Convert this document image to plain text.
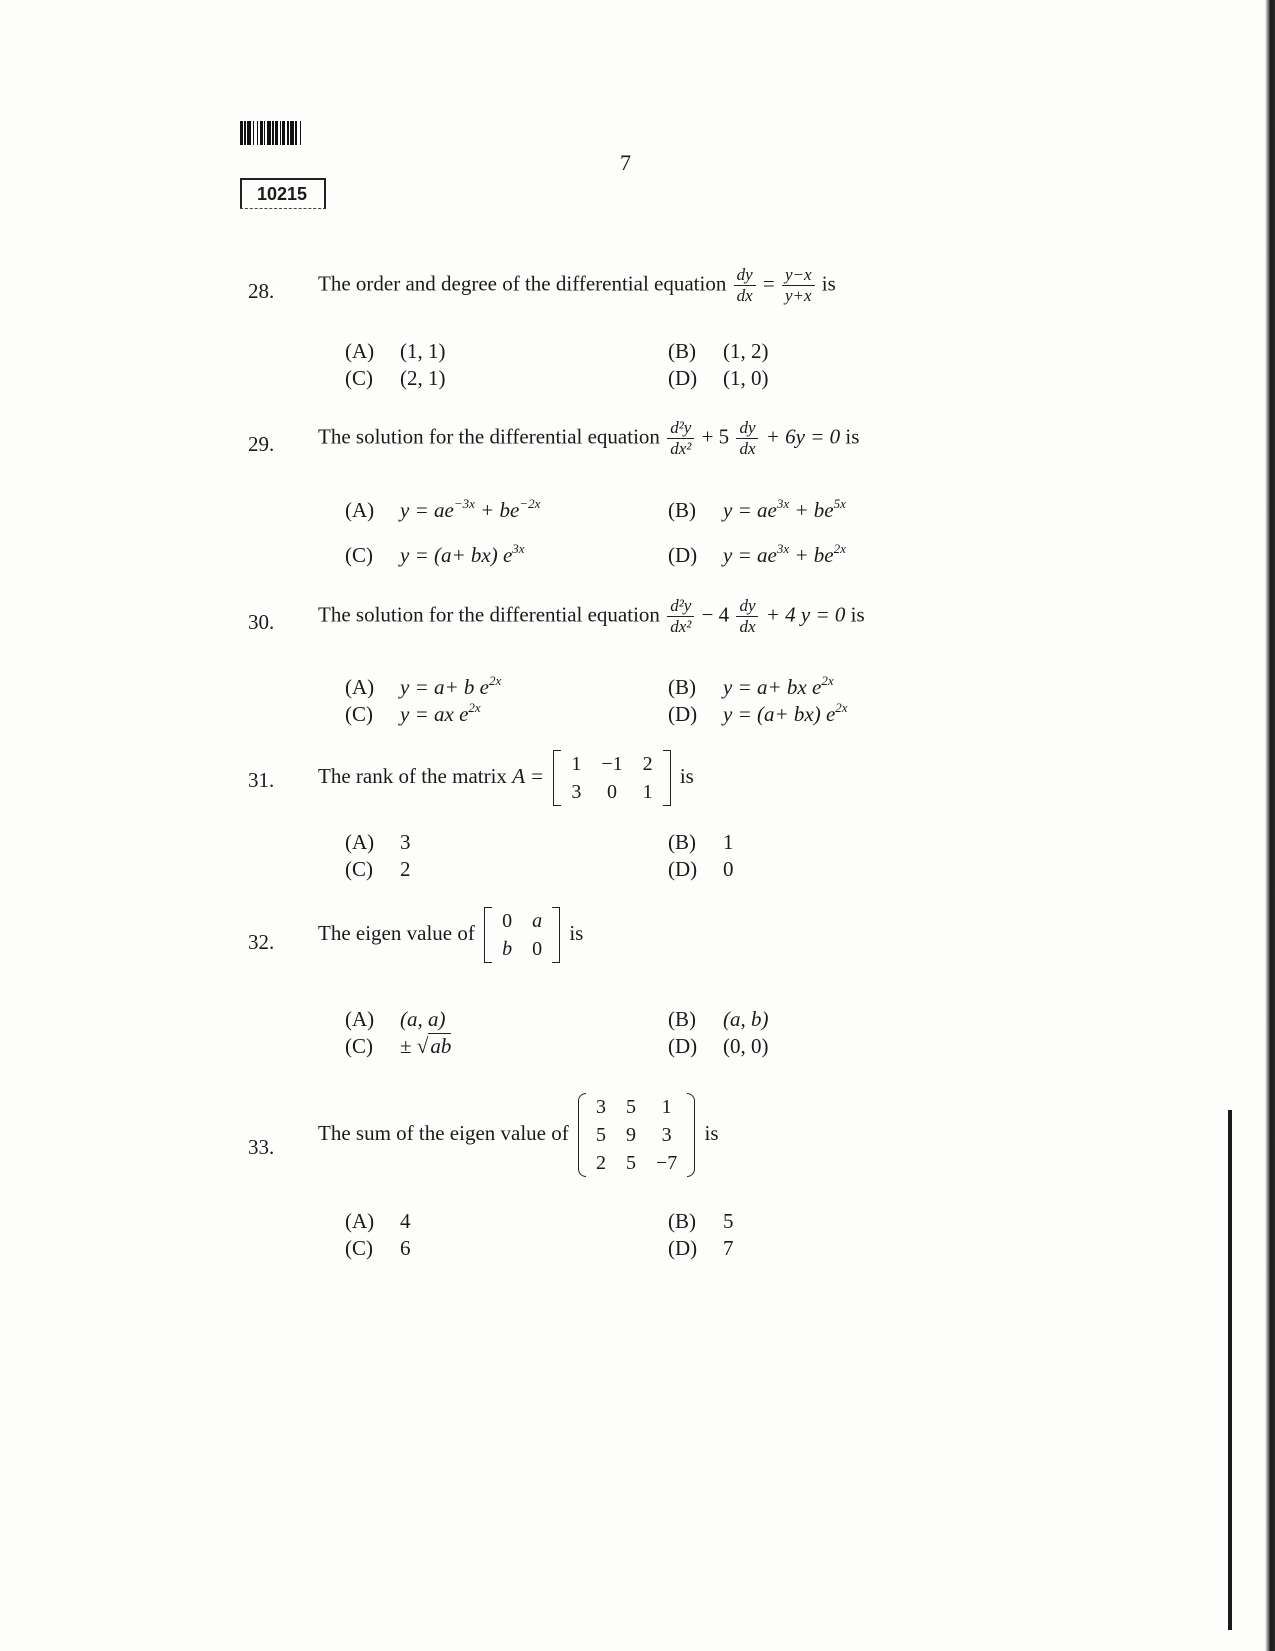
10215
7
28. The order and degree of the differential equation $\frac{dy}{dx} = \frac{y-x}{y+x}$ is
(A) (1, 1)	(B) (1, 2)
(C) (2, 1)	(D) (1, 0)
29. The solution for the differential equation $\frac{\text{d²y}}{\text{dx²}} + 5 \frac{dy}{dx} + 6y = 0$ is
(A) $y = ae^{-3x} + be^{-2x}$	(B) $y = ae^{3x} + be^{5x}$
(C) y = (a+ bx) $e^{3x}$	(D) $y = ae^{3x} + be^{2x}$
30. The solution for the differential equation $\frac{\text{d²y}}{\text{dx²}} - 4 \frac{dy}{dx} + 4$ y = 0 is
(A) y = a+ b $e^{2x}$	(B) y = a+ bx $e^{2x}$
(C) y = ax $e^{2x}$	(D) y = (a+ bx) $e^{2x}$
31. The rank of the matrix A = 1	−1	2
3	0	1
is
(A) 3	(B) 1
(C) 2	(D) 0
32. The eigen value of 0	a
b	0
is
(A) (a, a)	(B) (a, b)
(C) ± √ab	(D) (0, 0)
33.
The sum of the eigen value of
3	5	1
5	9	3
2	5	−7
is
(A) 4	(B) 5
(C) 6	(D) 7
